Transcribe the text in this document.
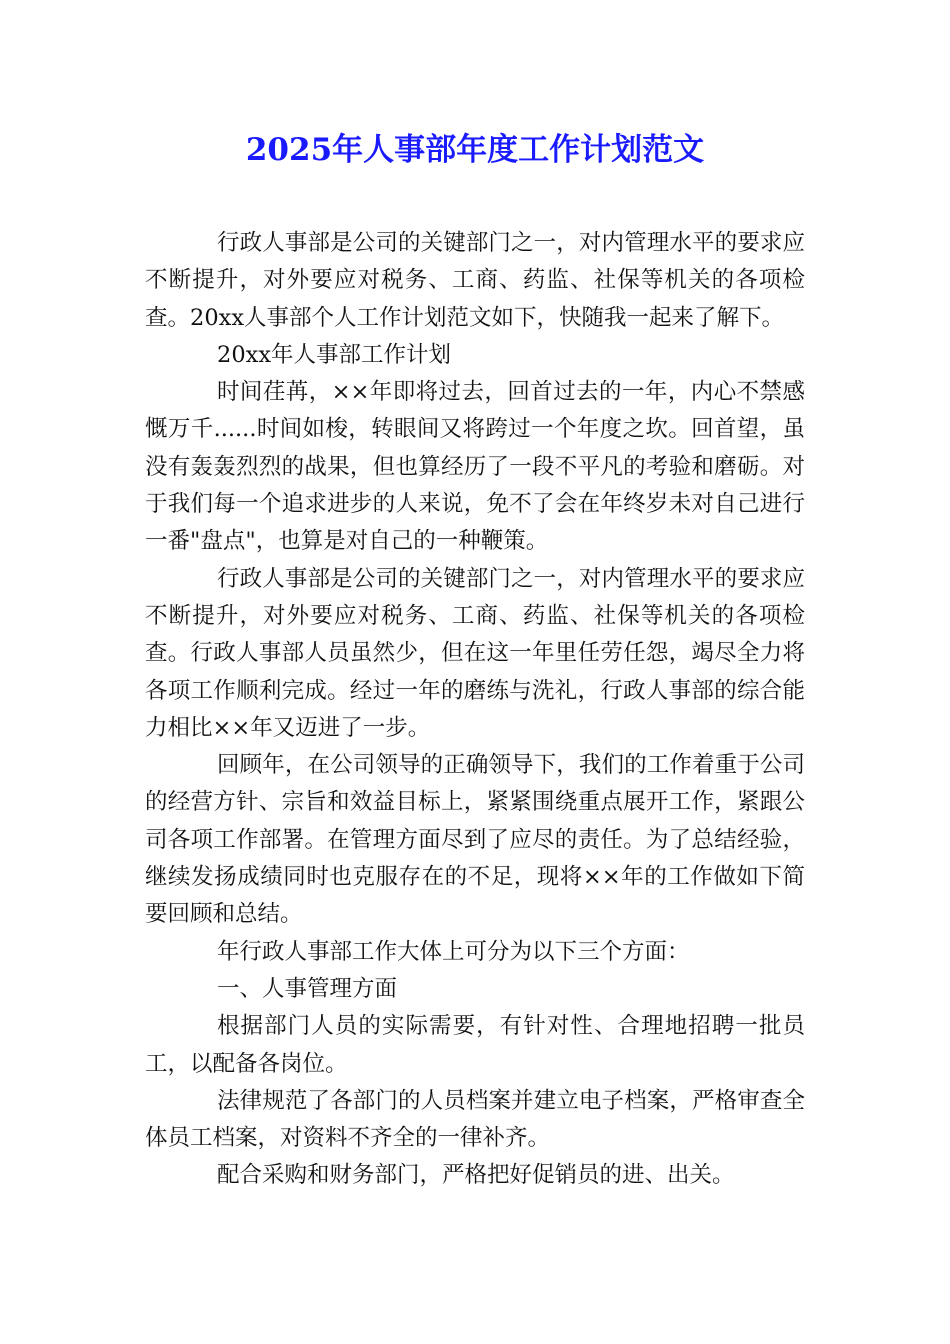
2025年人事部年度工作计划范文

行政人事部是公司的关键部门之一，对内管理水平的要求应不断提升，对外要应对税务、工商、药监、社保等机关的各项检查。20xx人事部个人工作计划范文如下，快随我一起来了解下。

20xx年人事部工作计划

时间荏苒，××年即将过去，回首过去的一年，内心不禁感慨万千......时间如梭，转眼间又将跨过一个年度之坎。回首望，虽没有轰轰烈烈的战果，但也算经历了一段不平凡的考验和磨砺。对于我们每一个追求进步的人来说，免不了会在年终岁未对自己进行一番"盘点"，也算是对自己的一种鞭策。

行政人事部是公司的关键部门之一，对内管理水平的要求应不断提升，对外要应对税务、工商、药监、社保等机关的各项检查。行政人事部人员虽然少，但在这一年里任劳任怨，竭尽全力将各项工作顺利完成。经过一年的磨练与洗礼，行政人事部的综合能力相比××年又迈进了一步。

回顾年，在公司领导的正确领导下，我们的工作着重于公司的经营方针、宗旨和效益目标上，紧紧围绕重点展开工作，紧跟公司各项工作部署。在管理方面尽到了应尽的责任。为了总结经验，继续发扬成绩同时也克服存在的不足，现将××年的工作做如下简要回顾和总结。

年行政人事部工作大体上可分为以下三个方面：

一、人事管理方面

根据部门人员的实际需要，有针对性、合理地招聘一批员工，以配备各岗位。

法律规范了各部门的人员档案并建立电子档案，严格审查全体员工档案，对资料不齐全的一律补齐。

配合采购和财务部门，严格把好促销员的进、出关。
